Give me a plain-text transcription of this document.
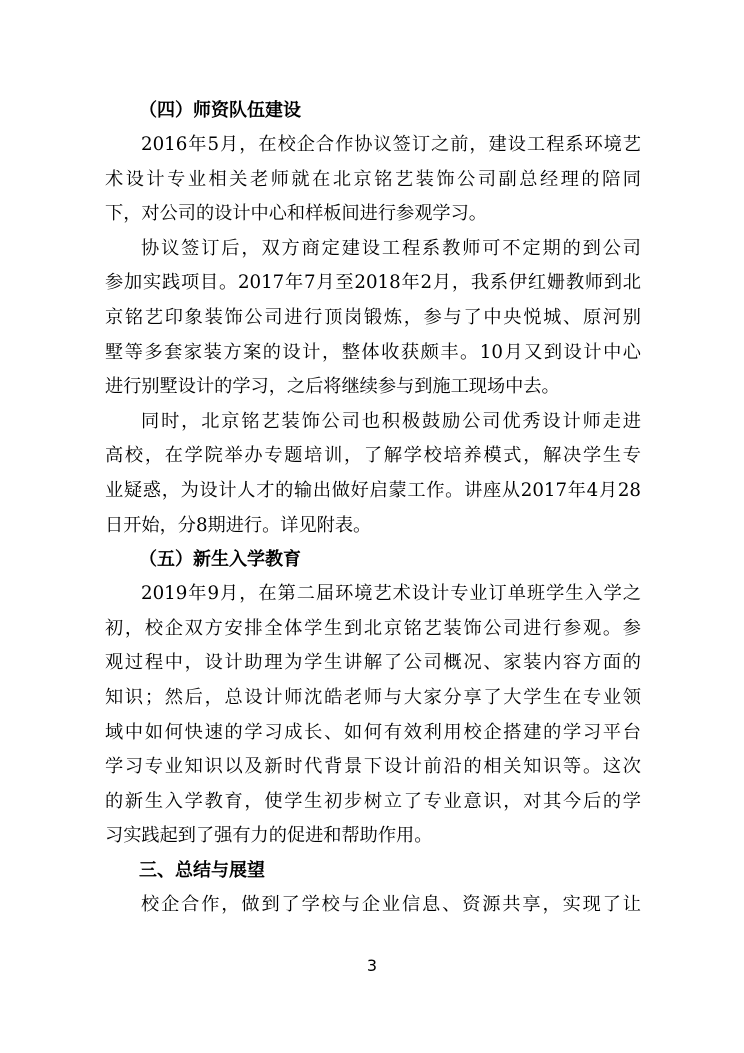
（四）师资队伍建设
2016年5月，在校企合作协议签订之前，建设工程系环境艺
术设计专业相关老师就在北京铭艺装饰公司副总经理的陪同
下，对公司的设计中心和样板间进行参观学习。
协议签订后，双方商定建设工程系教师可不定期的到公司
参加实践项目。2017年7月至2018年2月，我系伊红姗教师到北
京铭艺印象装饰公司进行顶岗锻炼，参与了中央悦城、原河别
墅等多套家装方案的设计，整体收获颇丰。10月又到设计中心
进行别墅设计的学习，之后将继续参与到施工现场中去。
同时，北京铭艺装饰公司也积极鼓励公司优秀设计师走进
高校，在学院举办专题培训，了解学校培养模式，解决学生专
业疑惑，为设计人才的输出做好启蒙工作。讲座从2017年4月28
日开始，分8期进行。详见附表。
（五）新生入学教育
2019年9月，在第二届环境艺术设计专业订单班学生入学之
初，校企双方安排全体学生到北京铭艺装饰公司进行参观。参
观过程中，设计助理为学生讲解了公司概况、家装内容方面的
知识；然后，总设计师沈皓老师与大家分享了大学生在专业领
域中如何快速的学习成长、如何有效利用校企搭建的学习平台
学习专业知识以及新时代背景下设计前沿的相关知识等。这次
的新生入学教育，使学生初步树立了专业意识，对其今后的学
习实践起到了强有力的促进和帮助作用。
三、总结与展望
校企合作，做到了学校与企业信息、资源共享，实现了让
3
